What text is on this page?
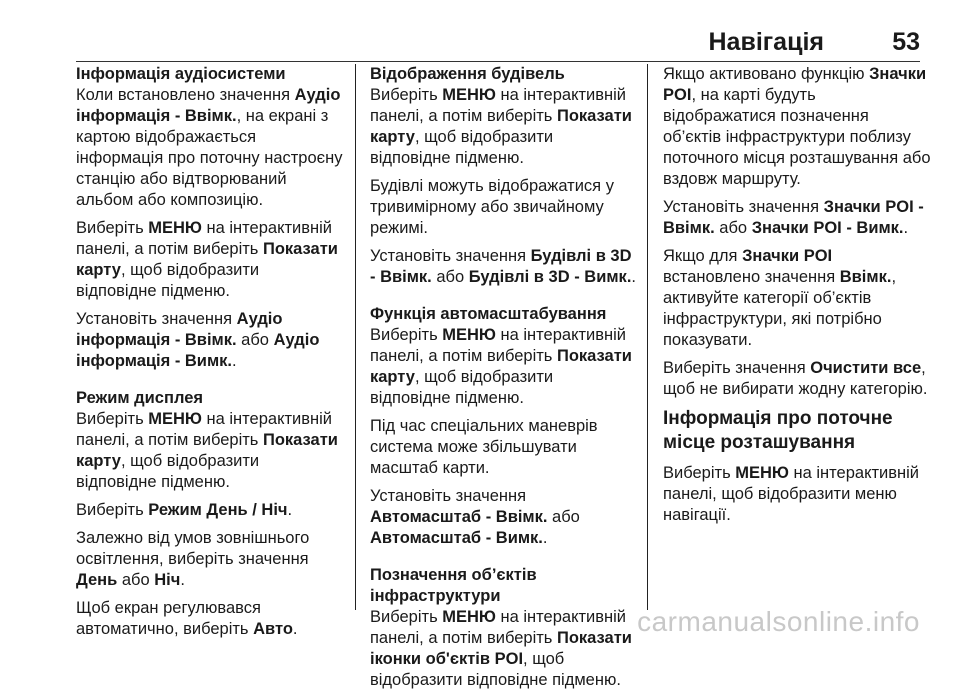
Навігація	53
Інформація аудіосистеми

Коли встановлено значення Аудіо інформація - Ввімк., на екрані з картою відображається інформація про поточну настроєну станцію або відтворюваний альбом або композицію.

Виберіть МЕНЮ на інтерактивній панелі, а потім виберіть Показати карту, щоб відобразити відповідне підменю.

Установіть значення Аудіо інформація - Ввімк. або Аудіо інформація - Вимк..

Режим дисплея

Виберіть МЕНЮ на інтерактивній панелі, а потім виберіть Показати карту, щоб відобразити відповідне підменю.

Виберіть Режим День / Ніч.

Залежно від умов зовнішнього освітлення, виберіть значення День або Ніч.

Щоб екран регулювався автоматично, виберіть Авто.

Відображення будівель

Виберіть МЕНЮ на інтерактивній панелі, а потім виберіть Показати карту, щоб відобразити відповідне підменю.

Будівлі можуть відображатися у тривимірному або звичайному режимі.

Установіть значення Будівлі в 3D - Ввімк. або Будівлі в 3D - Вимк..

Функція автомасштабування

Виберіть МЕНЮ на інтерактивній панелі, а потім виберіть Показати карту, щоб відобразити відповідне підменю.

Під час спеціальних маневрів система може збільшувати масштаб карти.

Установіть значення Автомасштаб - Ввімк. або Автомасштаб - Вимк..

Позначення об’єктів інфраструктури

Виберіть МЕНЮ на інтерактивній панелі, а потім виберіть Показати іконки об'єктів POI, щоб відобразити відповідне підменю.

Якщо активовано функцію Значки POI, на карті будуть відображатися позначення об’єктів інфраструктури поблизу поточного місця розташування або вздовж маршруту.

Установіть значення Значки POI - Ввімк. або Значки POI - Вимк..

Якщо для Значки POI встановлено значення Ввімк., активуйте категорії об’єктів інфраструктури, які потрібно показувати.

Виберіть значення Очистити все, щоб не вибирати жодну категорію.

Інформація про поточне місце розташування

Виберіть МЕНЮ на інтерактивній панелі, щоб відобразити меню навігації.

carmanualsonline.info
